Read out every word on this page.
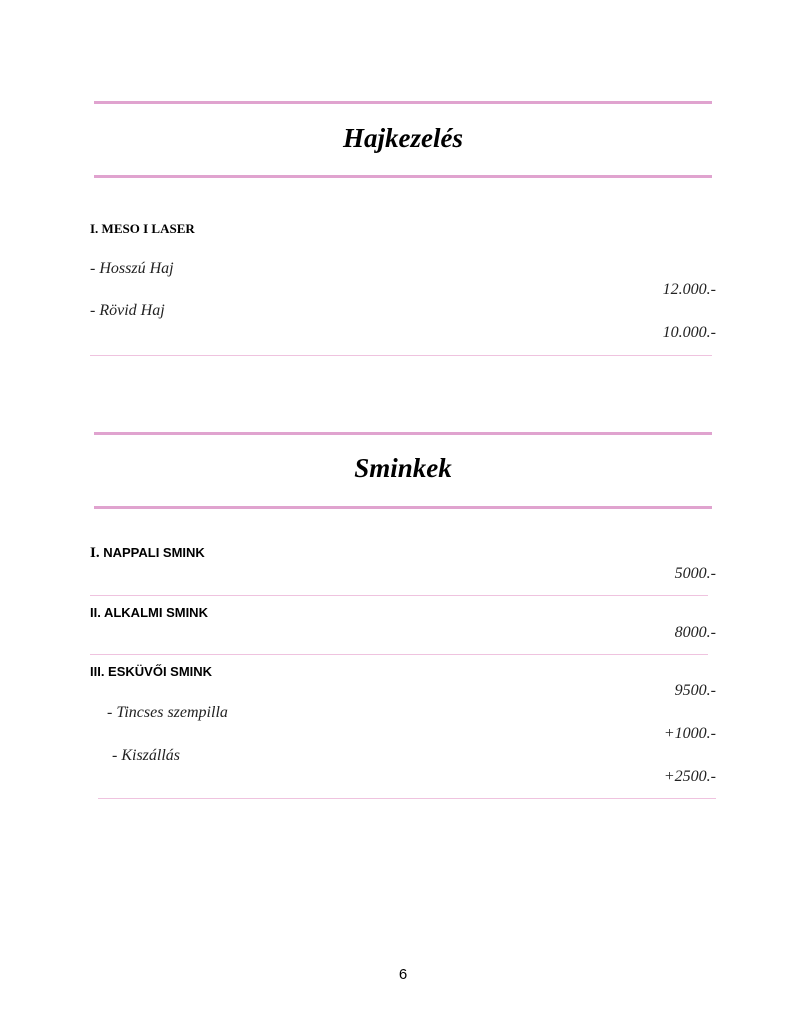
Hajkezelés
I. MESO I LASER
- Hosszú Haj
12.000.-
- Rövid Haj
10.000.-
Sminkek
I. NAPPALI SMINK
5000.-
II. ALKALMI SMINK
8000.-
III. ESKÜVŐI SMINK
9500.-
- Tincses szempilla
+1000.-
- Kiszállás
+2500.-
6
